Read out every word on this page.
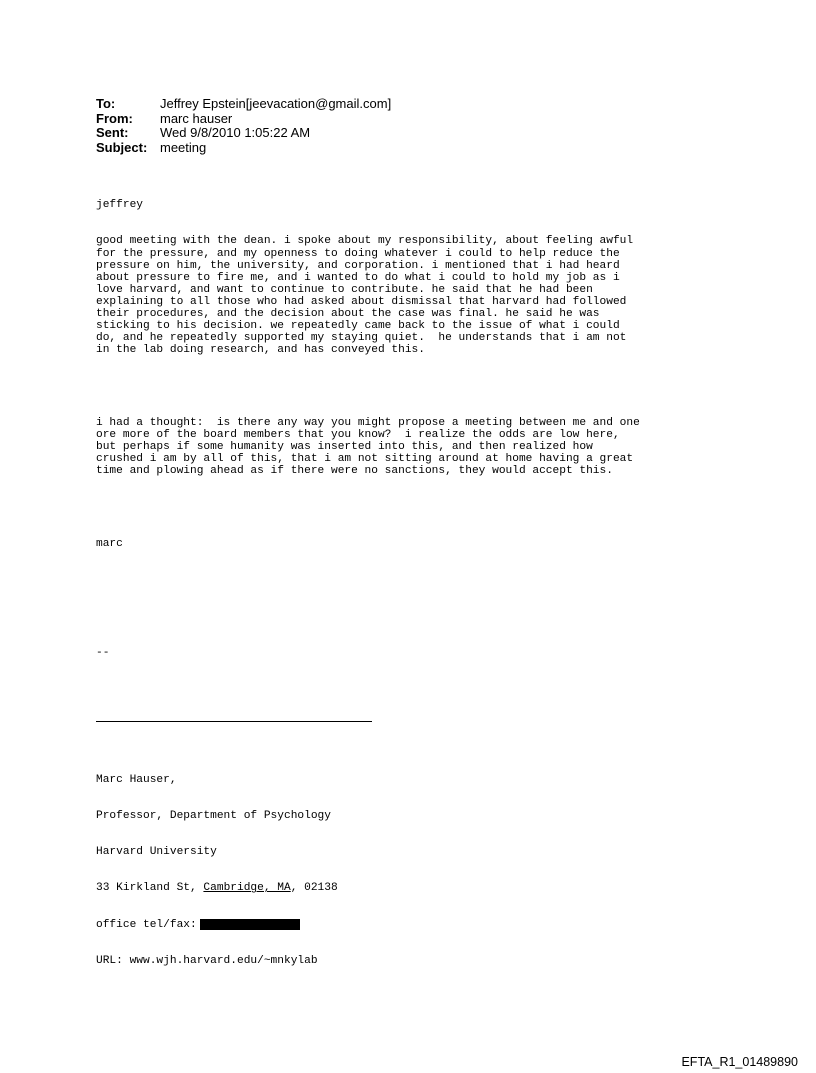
To:	Jeffrey Epstein[jeevacation@gmail.com]
From:	marc hauser
Sent:	Wed 9/8/2010 1:05:22 AM
Subject: meeting

jeffrey

good meeting with the dean. i spoke about my responsibility, about feeling awful
for the pressure, and my openness to doing whatever i could to help reduce the
pressure on him, the university, and corporation. i mentioned that i had heard
about pressure to fire me, and i wanted to do what i could to hold my job as i
love harvard, and want to continue to contribute. he said that he had been
explaining to all those who had asked about dismissal that harvard had followed
their procedures, and the decision about the case was final. he said he was
sticking to his decision. we repeatedly came back to the issue of what i could
do, and he repeatedly supported my staying quiet.  he understands that i am not
in the lab doing research, and has conveyed this.

i had a thought:  is there any way you might propose a meeting between me and one
ore more of the board members that you know?  i realize the odds are low here,
but perhaps if some humanity was inserted into this, and then realized how
crushed i am by all of this, that i am not sitting around at home having a great
time and plowing ahead as if there were no sanctions, they would accept this.

marc

--

Marc Hauser,

Professor, Department of Psychology

Harvard University

33 Kirkland St, Cambridge, MA, 02138

office tel/fax:

URL: www.wjh.harvard.edu/~mnkylab

EFTA_R1_01489890
